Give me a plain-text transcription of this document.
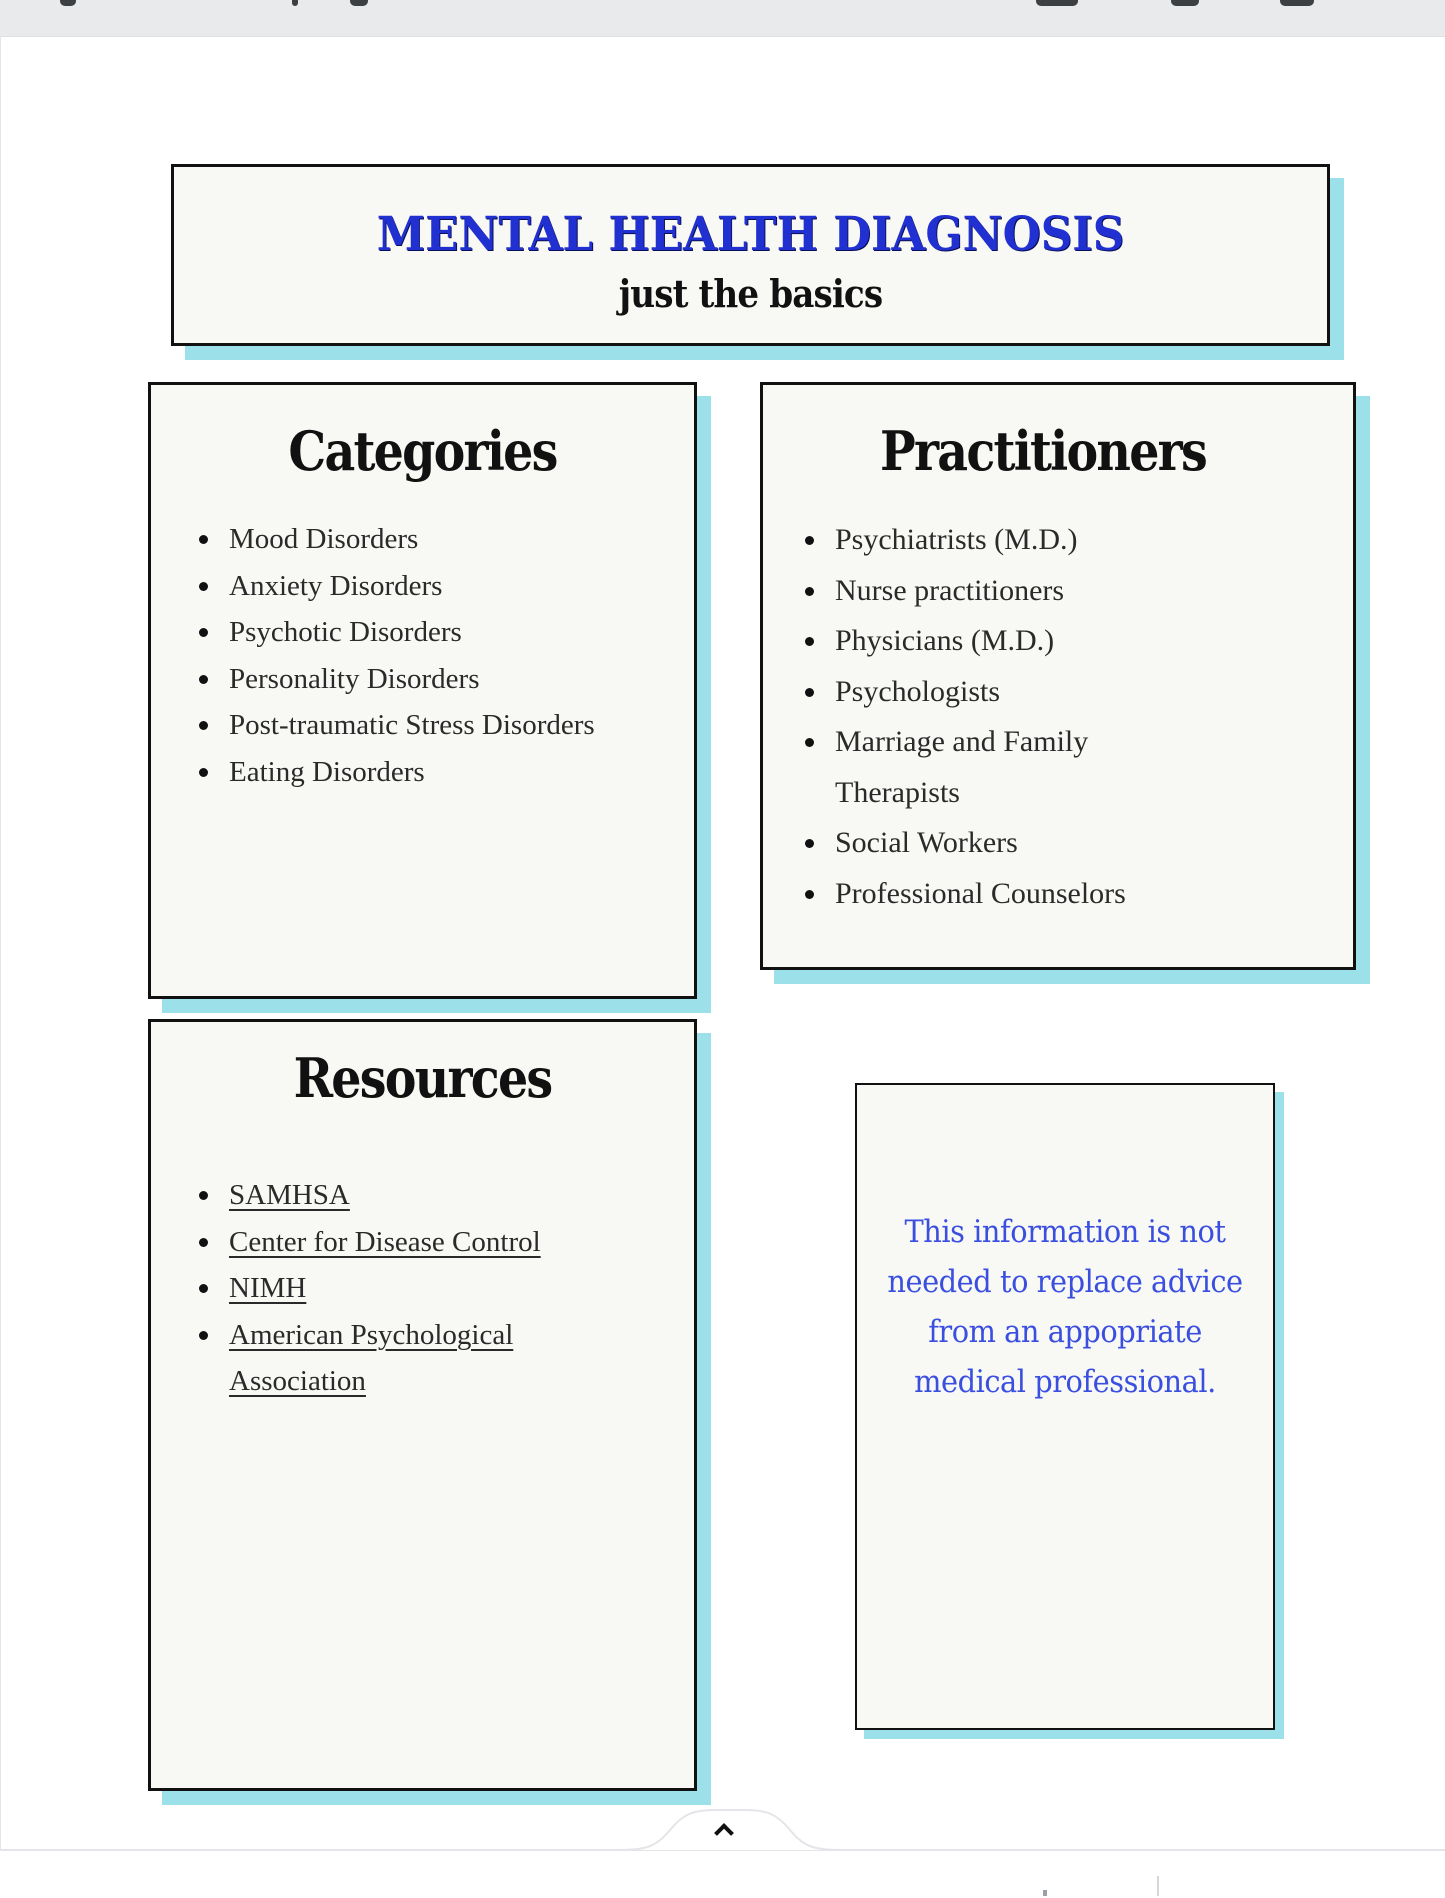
MENTAL HEALTH DIAGNOSIS
just the basics
Categories
Mood Disorders
Anxiety Disorders
Psychotic Disorders
Personality Disorders
Post-traumatic Stress Disorders
Eating Disorders
Practitioners
Psychiatrists (M.D.)
Nurse practitioners
Physicians (M.D.)
Psychologists
Marriage and Family Therapists
Social Workers
Professional Counselors
Resources
SAMHSA
Center for Disease Control
NIMH
American Psychological Association
This information is not needed to replace advice from an appopriate medical professional.
